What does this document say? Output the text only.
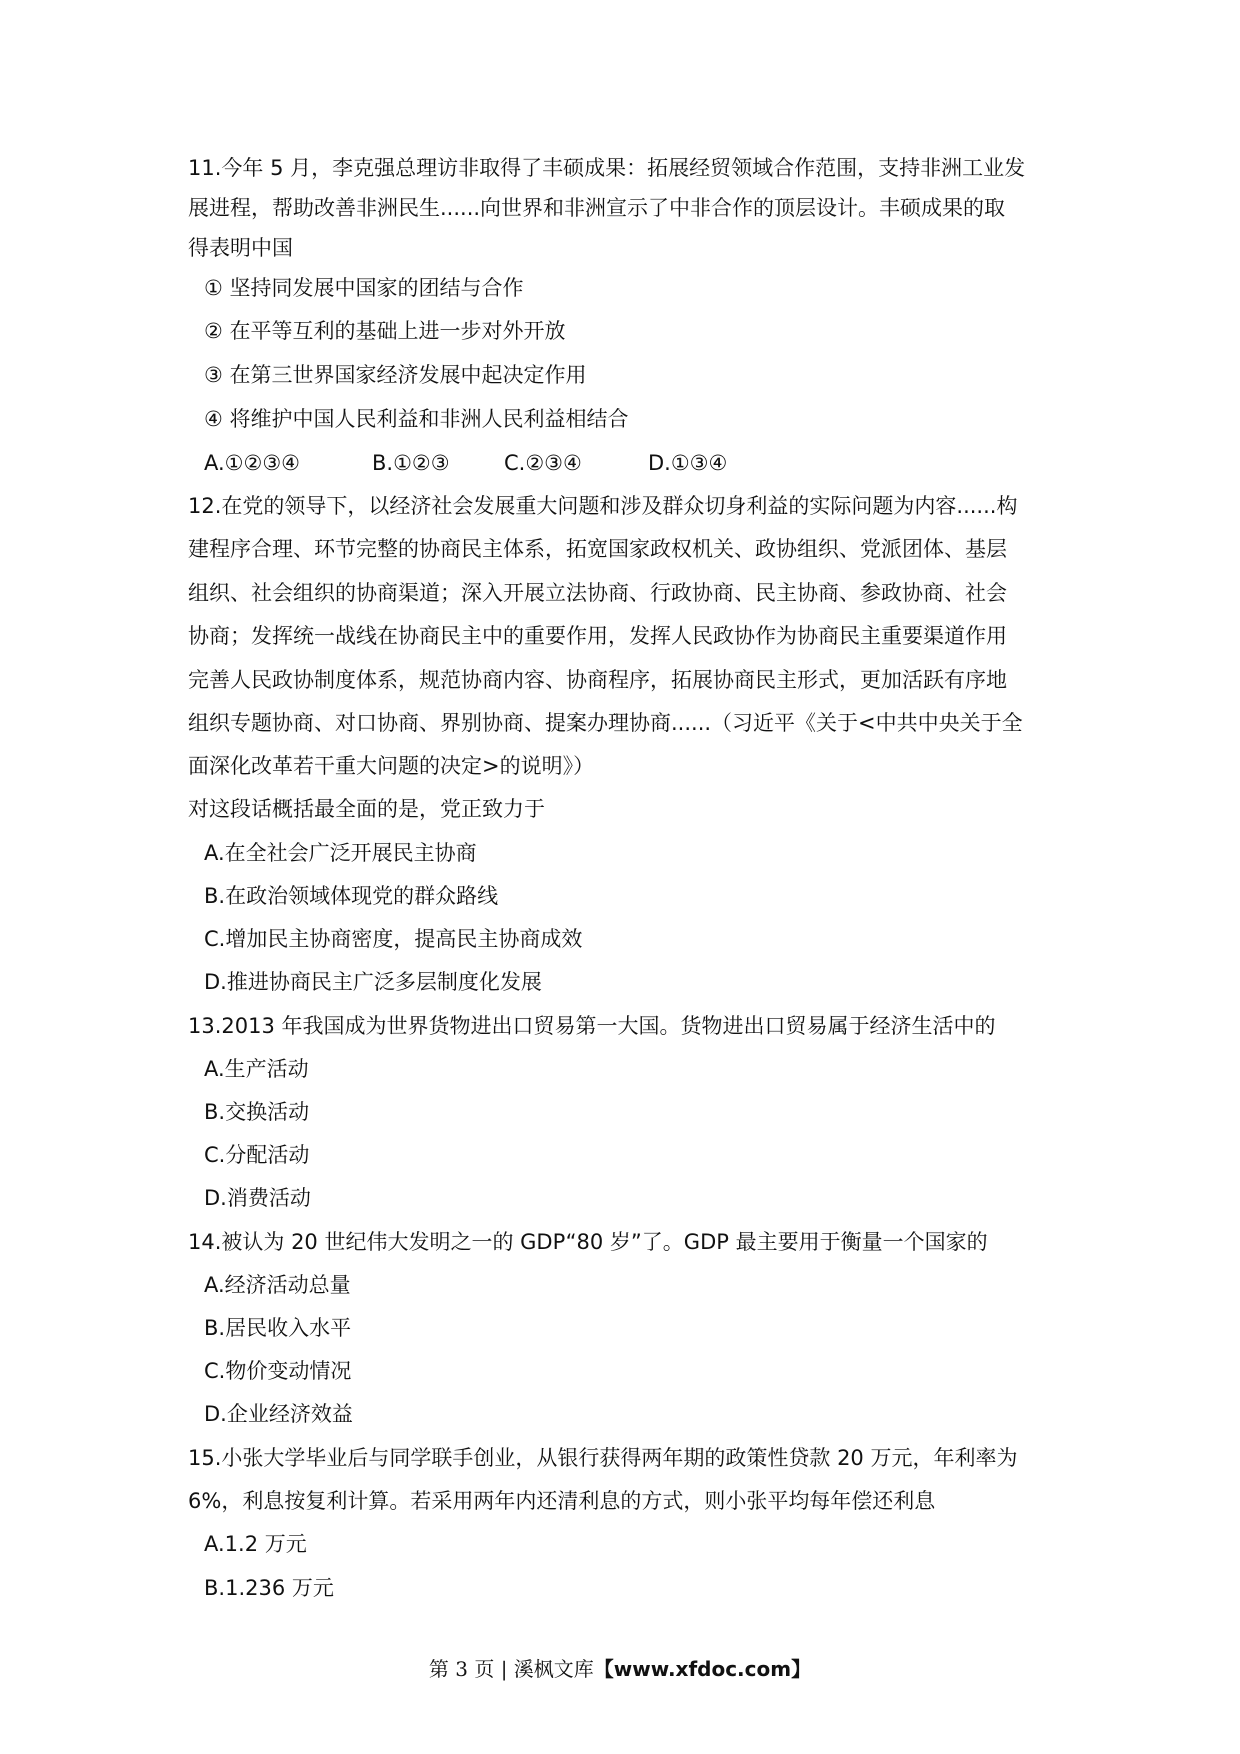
11.今年 5 月，李克强总理访非取得了丰硕成果：拓展经贸领域合作范围，支持非洲工业发
展进程，帮助改善非洲民生......向世界和非洲宣示了中非合作的顶层设计。丰硕成果的取
得表明中国
① 坚持同发展中国家的团结与合作
② 在平等互利的基础上进一步对外开放
③ 在第三世界国家经济发展中起决定作用
④ 将维护中国人民利益和非洲人民利益相结合
A.①②③④	B.①②③	C.②③④	D.①③④
12.在党的领导下，以经济社会发展重大问题和涉及群众切身利益的实际问题为内容......构
建程序合理、环节完整的协商民主体系，拓宽国家政权机关、政协组织、党派团体、基层
组织、社会组织的协商渠道；深入开展立法协商、行政协商、民主协商、参政协商、社会
协商；发挥统一战线在协商民主中的重要作用，发挥人民政协作为协商民主重要渠道作用
完善人民政协制度体系，规范协商内容、协商程序，拓展协商民主形式，更加活跃有序地
组织专题协商、对口协商、界别协商、提案办理协商......（习近平《关于<中共中央关于全
面深化改革若干重大问题的决定>的说明》）
对这段话概括最全面的是，党正致力于
A.在全社会广泛开展民主协商
B.在政治领域体现党的群众路线
C.增加民主协商密度，提高民主协商成效
D.推进协商民主广泛多层制度化发展
13.2013 年我国成为世界货物进出口贸易第一大国。货物进出口贸易属于经济生活中的
A.生产活动
B.交换活动
C.分配活动
D.消费活动
14.被认为 20 世纪伟大发明之一的 GDP“80 岁”了。GDP 最主要用于衡量一个国家的
A.经济活动总量
B.居民收入水平
C.物价变动情况
D.企业经济效益
15.小张大学毕业后与同学联手创业，从银行获得两年期的政策性贷款 20 万元，年利率为
6%，利息按复利计算。若采用两年内还清利息的方式，则小张平均每年偿还利息
A.1.2 万元
B.1.236 万元
第 3 页 | 溪枫文库【www.xfdoc.com】
